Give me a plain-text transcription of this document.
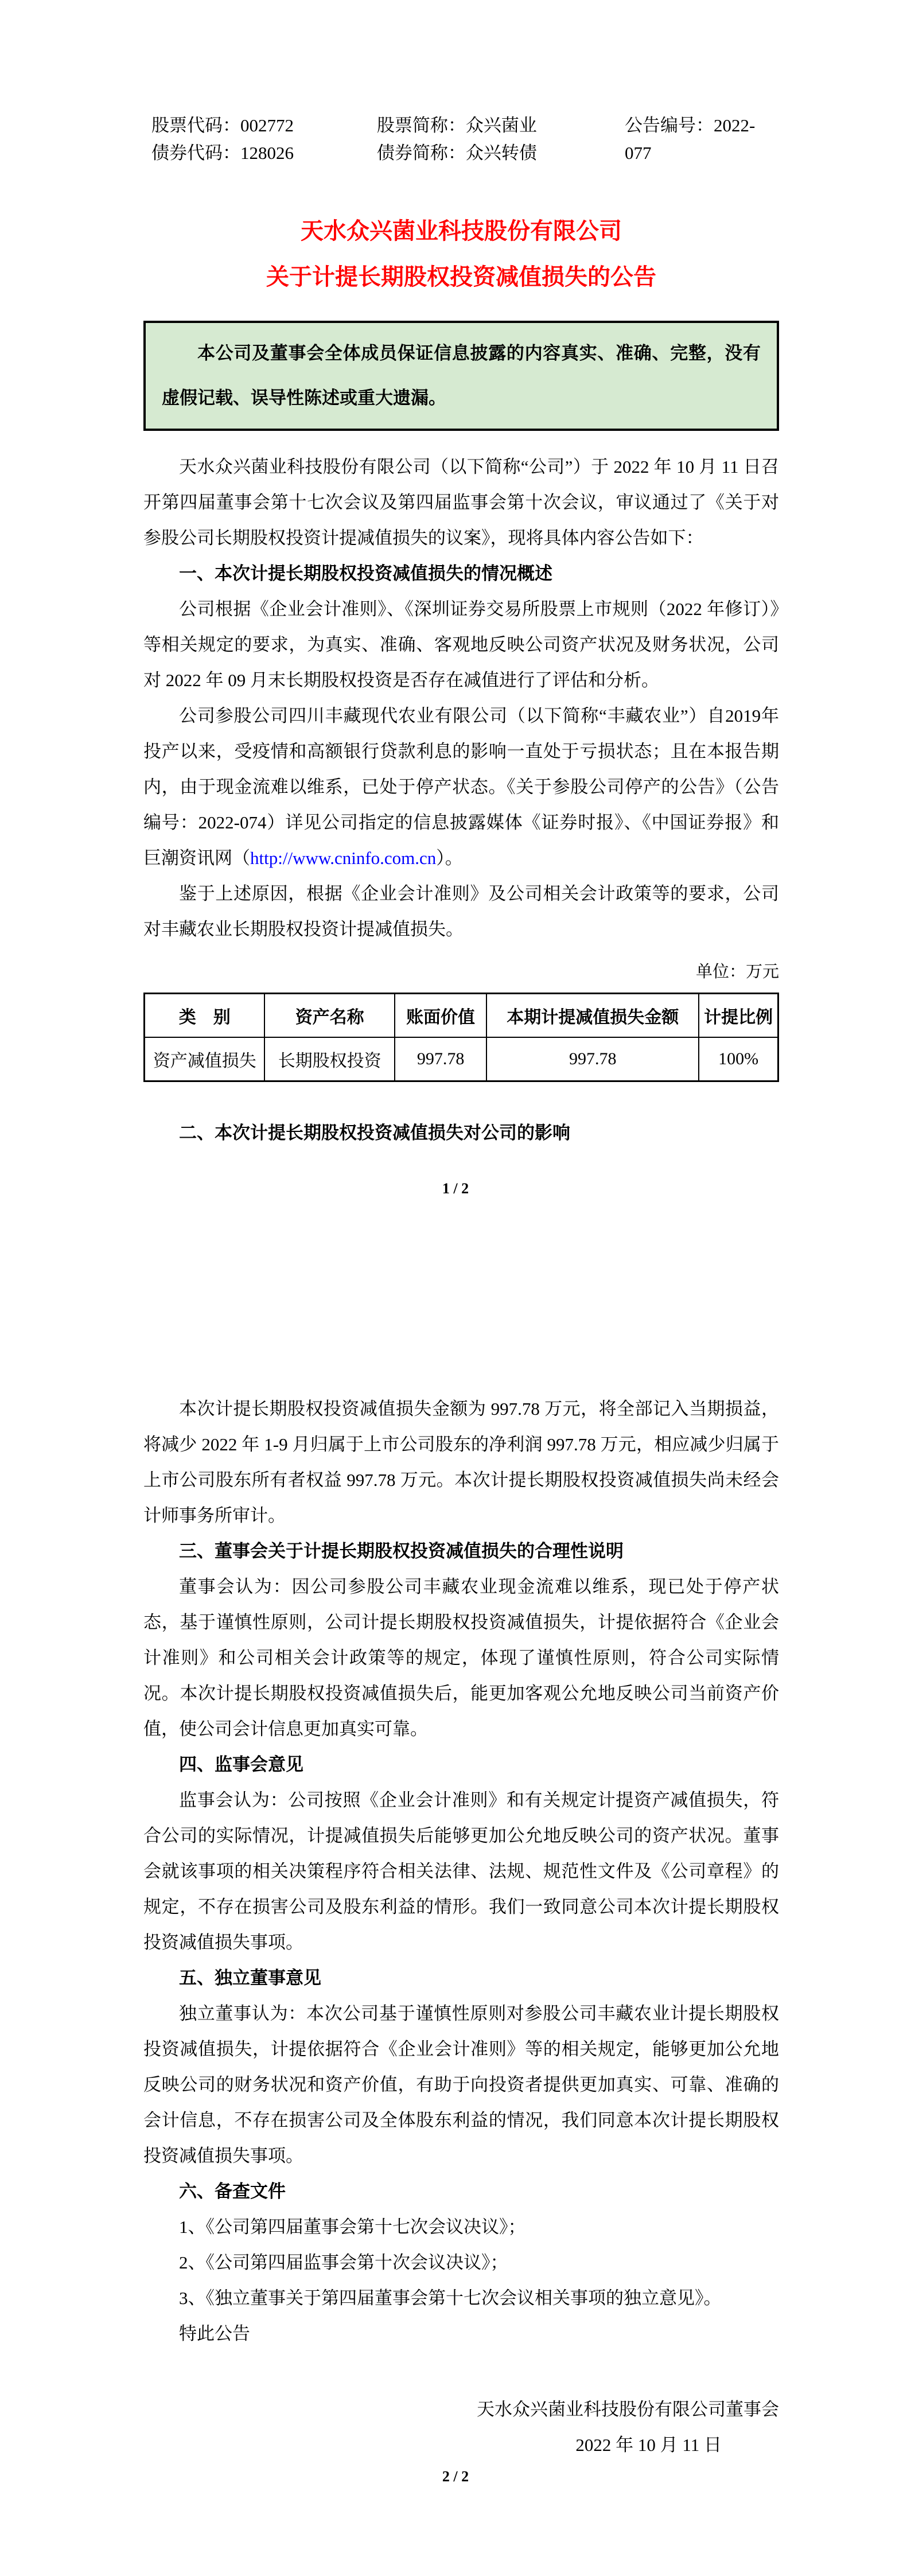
股票代码：002772
债券代码：128026
股票简称：众兴菌业
债券简称：众兴转债
公告编号：2022-077
天水众兴菌业科技股份有限公司
关于计提长期股权投资减值损失的公告

本公司及董事会全体成员保证信息披露的内容真实、准确、完整，没有虚假记载、误导性陈述或重大遗漏。

天水众兴菌业科技股份有限公司（以下简称“公司”）于 2022 年 10 月 11 日召开第四届董事会第十七次会议及第四届监事会第十次会议，审议通过了《关于对参股公司长期股权投资计提减值损失的议案》，现将具体内容公告如下：

一、本次计提长期股权投资减值损失的情况概述

公司根据《企业会计准则》、《深圳证券交易所股票上市规则（2022 年修订）》等相关规定的要求，为真实、准确、客观地反映公司资产状况及财务状况，公司对 2022 年 09 月末长期股权投资是否存在减值进行了评估和分析。

公司参股公司四川丰藏现代农业有限公司（以下简称“丰藏农业”）自2019年投产以来，受疫情和高额银行贷款利息的影响一直处于亏损状态；且在本报告期内，由于现金流难以维系，已处于停产状态。《关于参股公司停产的公告》（公告编号：2022-074）详见公司指定的信息披露媒体《证券时报》、《中国证券报》和巨潮资讯网（http://www.cninfo.com.cn）。

鉴于上述原因，根据《企业会计准则》及公司相关会计政策等的要求，公司对丰藏农业长期股权投资计提减值损失。

单位：万元

类　别	资产名称	账面价值	本期计提减值损失金额	计提比例
资产减值损失	长期股权投资	997.78	997.78	100%

二、本次计提长期股权投资减值损失对公司的影响

1 / 2

本次计提长期股权投资减值损失金额为 997.78 万元，将全部记入当期损益，将减少 2022 年 1-9 月归属于上市公司股东的净利润 997.78 万元，相应减少归属于上市公司股东所有者权益 997.78 万元。本次计提长期股权投资减值损失尚未经会计师事务所审计。

三、董事会关于计提长期股权投资减值损失的合理性说明

董事会认为：因公司参股公司丰藏农业现金流难以维系，现已处于停产状态，基于谨慎性原则，公司计提长期股权投资减值损失，计提依据符合《企业会计准则》和公司相关会计政策等的规定，体现了谨慎性原则，符合公司实际情况。本次计提长期股权投资减值损失后，能更加客观公允地反映公司当前资产价值，使公司会计信息更加真实可靠。

四、监事会意见

监事会认为：公司按照《企业会计准则》和有关规定计提资产减值损失，符合公司的实际情况，计提减值损失后能够更加公允地反映公司的资产状况。董事会就该事项的相关决策程序符合相关法律、法规、规范性文件及《公司章程》的规定，不存在损害公司及股东利益的情形。我们一致同意公司本次计提长期股权投资减值损失事项。

五、独立董事意见

独立董事认为：本次公司基于谨慎性原则对参股公司丰藏农业计提长期股权投资减值损失，计提依据符合《企业会计准则》等的相关规定，能够更加公允地反映公司的财务状况和资产价值，有助于向投资者提供更加真实、可靠、准确的会计信息，不存在损害公司及全体股东利益的情况，我们同意本次计提长期股权投资减值损失事项。

六、备查文件

1、《公司第四届董事会第十七次会议决议》；

2、《公司第四届监事会第十次会议决议》；

3、《独立董事关于第四届董事会第十七次会议相关事项的独立意见》。

特此公告

天水众兴菌业科技股份有限公司董事会

2022 年 10 月 11 日

2 / 2
